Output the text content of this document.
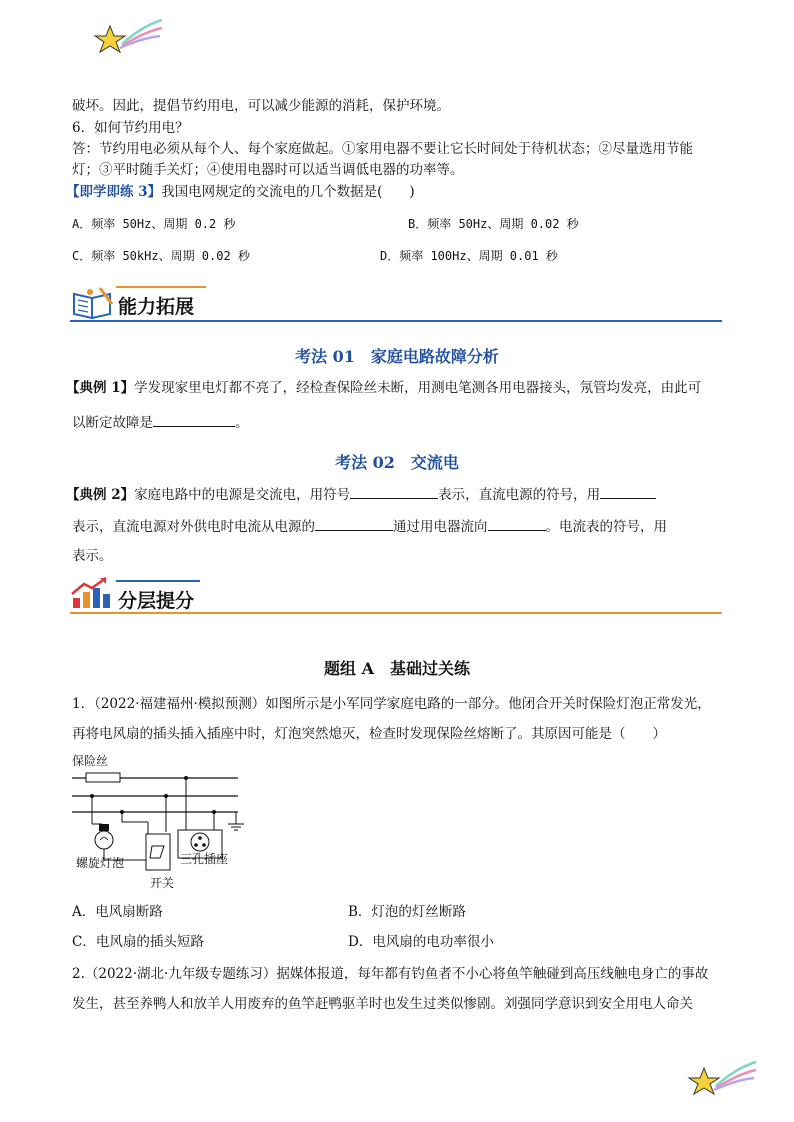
破坏。因此，提倡节约用电，可以减少能源的消耗，保护环境。
6．如何节约用电？
答：节约用电必须从每个人、每个家庭做起。①家用电器不要让它长时间处于待机状态；②尽量选用节能
灯；③平时随手关灯；④使用电器时可以适当调低电器的功率等。
【即学即练 3】我国电网规定的交流电的几个数据是(　　)
A．频率 50Hz、周期 0.2 秒	B．频率 50Hz、周期 0.02 秒
C．频率 50kHz、周期 0.02 秒	D．频率 100Hz、周期 0.01 秒
能力拓展
考法 01　家庭电路故障分析
【典例 1】学发现家里电灯都不亮了，经检查保险丝未断，用测电笔测各用电器接头，氖管均发亮，由此可
以断定故障是	。
考法 02　交流电
【典例 2】家庭电路中的电源是交流电，用符号	表示，直流电源的符号，用
表示，直流电源对外供电时电流从电源的	通过用电器流向	。电流表的符号，用
表示。
分层提分
题组 A　基础过关练
1．（2022·福建福州·模拟预测）如图所示是小军同学家庭电路的一部分。他闭合开关时保险灯泡正常发光，
再将电风扇的插头插入插座中时，灯泡突然熄灭，检查时发现保险丝熔断了。其原因可能是（　　）
保险丝
螺旋灯泡
开关
三孔插座
A．电风扇断路	B．灯泡的灯丝断路
C．电风扇的插头短路	D．电风扇的电功率很小
2.（2022·湖北·九年级专题练习）据媒体报道，每年都有钓鱼者不小心将鱼竿触碰到高压线触电身亡的事故
发生，甚至养鸭人和放羊人用废弃的鱼竿赶鸭驱羊时也发生过类似惨剧。刘强同学意识到安全用电人命关
